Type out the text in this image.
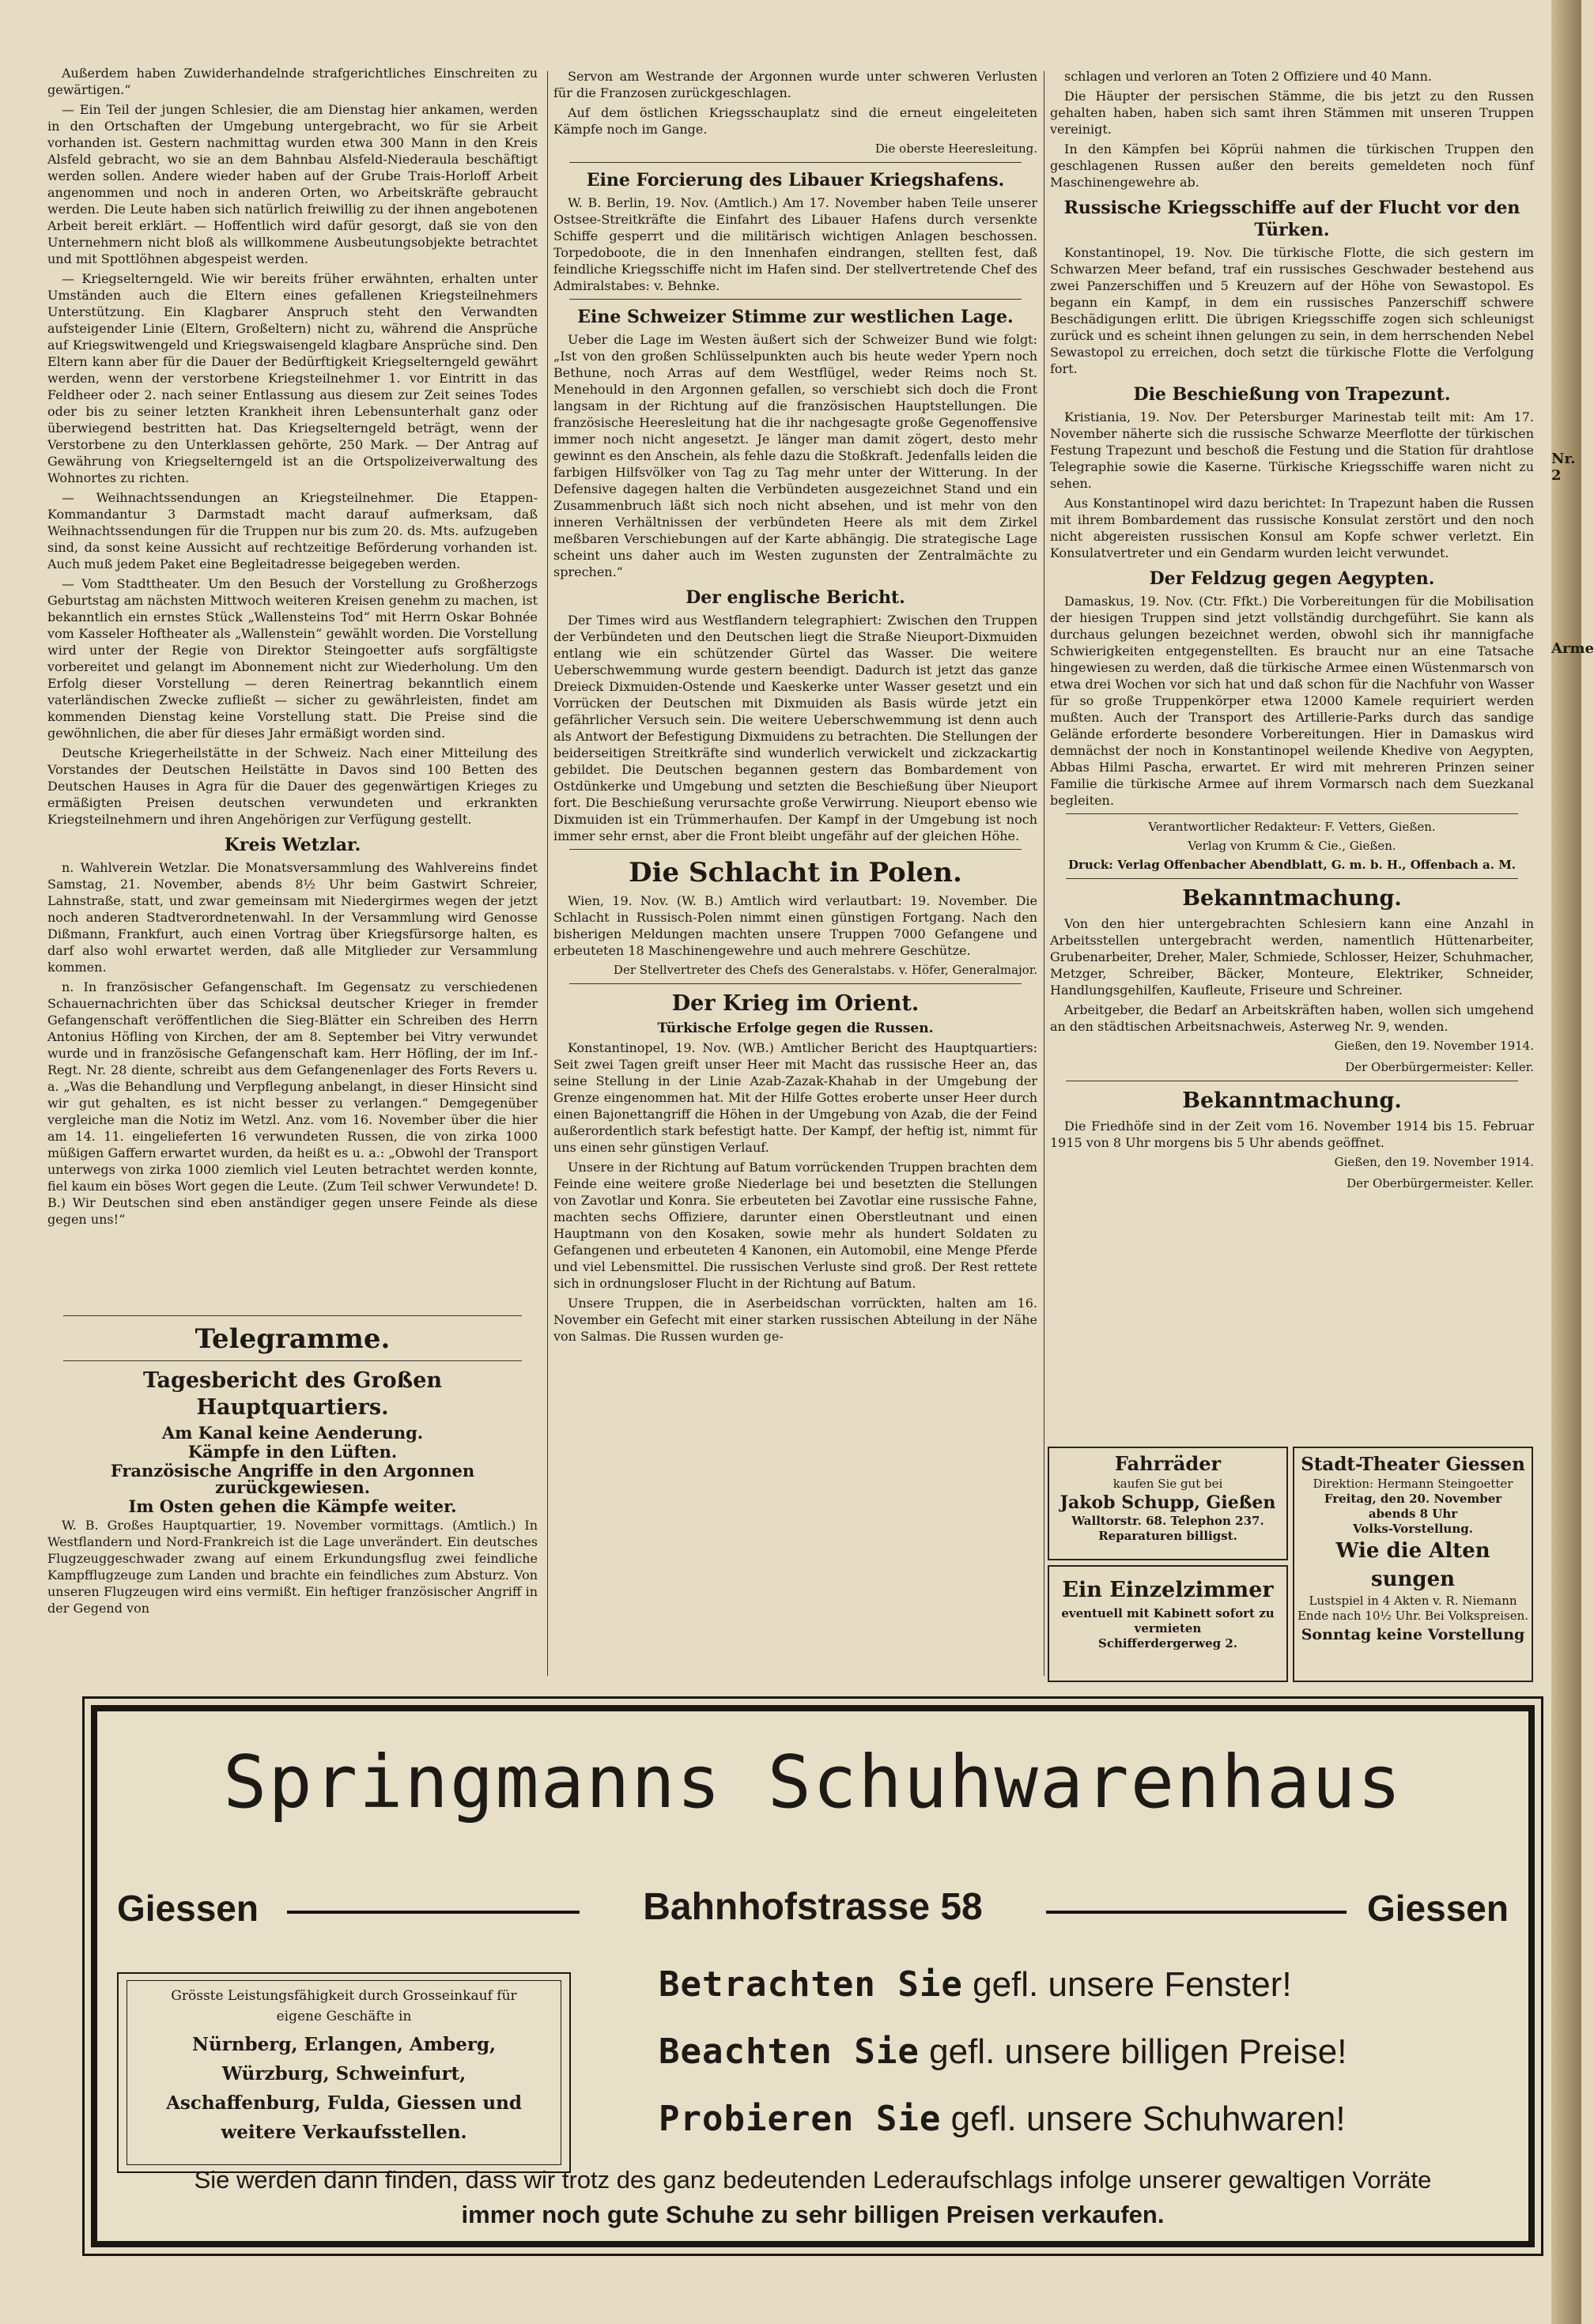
Außerdem haben Zuwiderhandelnde strafgerichtliches Einschreiten zu gewärtigen.“

— Ein Teil der jungen Schlesier, die am Dienstag hier ankamen, werden in den Ortschaften der Umgebung untergebracht, wo für sie Arbeit vorhanden ist. Gestern nachmittag wurden etwa 300 Mann in den Kreis Alsfeld gebracht, wo sie an dem Bahnbau Alsfeld-Niederaula beschäftigt werden sollen. Andere wieder haben auf der Grube Trais-Horloff Arbeit angenommen und noch in anderen Orten, wo Arbeitskräfte gebraucht werden. Die Leute haben sich natürlich freiwillig zu der ihnen angebotenen Arbeit bereit erklärt. — Hoffentlich wird dafür gesorgt, daß sie von den Unternehmern nicht bloß als willkommene Ausbeutungsobjekte betrachtet und mit Spottlöhnen abgespeist werden.

— Kriegselterngeld. Wie wir bereits früher erwähnten, erhalten unter Umständen auch die Eltern eines gefallenen Kriegsteilnehmers Unterstützung. Ein Klagbarer Anspruch steht den Verwandten aufsteigender Linie (Eltern, Großeltern) nicht zu, während die Ansprüche auf Kriegswitwengeld und Kriegswaisengeld klagbare Ansprüche sind. Den Eltern kann aber für die Dauer der Bedürftigkeit Kriegselterngeld gewährt werden, wenn der verstorbene Kriegsteilnehmer 1. vor Eintritt in das Feldheer oder 2. nach seiner Entlassung aus diesem zur Zeit seines Todes oder bis zu seiner letzten Krankheit ihren Lebensunterhalt ganz oder überwiegend bestritten hat. Das Kriegselterngeld beträgt, wenn der Verstorbene zu den Unterklassen gehörte, 250 Mark. — Der Antrag auf Gewährung von Kriegselterngeld ist an die Ortspolizeiverwaltung des Wohnortes zu richten.

— Weihnachtssendungen an Kriegsteilnehmer. Die Etappen-Kommandantur 3 Darmstadt macht darauf aufmerksam, daß Weihnachtssendungen für die Truppen nur bis zum 20. ds. Mts. aufzugeben sind, da sonst keine Aussicht auf rechtzeitige Beförderung vorhanden ist. Auch muß jedem Paket eine Begleitadresse beigegeben werden.

— Vom Stadttheater. Um den Besuch der Vorstellung zu Großherzogs Geburtstag am nächsten Mittwoch weiteren Kreisen genehm zu machen, ist bekanntlich ein ernstes Stück „Wallensteins Tod“ mit Herrn Oskar Bohnée vom Kasseler Hoftheater als „Wallenstein“ gewählt worden. Die Vorstellung wird unter der Regie von Direktor Steingoetter aufs sorgfältigste vorbereitet und gelangt im Abonnement nicht zur Wiederholung. Um den Erfolg dieser Vorstellung — deren Reinertrag bekanntlich einem vaterländischen Zwecke zufließt — sicher zu gewährleisten, findet am kommenden Dienstag keine Vorstellung statt. Die Preise sind die gewöhnlichen, die aber für dieses Jahr ermäßigt worden sind.

Deutsche Kriegerheilstätte in der Schweiz. Nach einer Mitteilung des Vorstandes der Deutschen Heilstätte in Davos sind 100 Betten des Deutschen Hauses in Agra für die Dauer des gegenwärtigen Krieges zu ermäßigten Preisen deutschen verwundeten und erkrankten Kriegsteilnehmern und ihren Angehörigen zur Verfügung gestellt.

Kreis Wetzlar.

n. Wahlverein Wetzlar. Die Monatsversammlung des Wahlvereins findet Samstag, 21. November, abends 8½ Uhr beim Gastwirt Schreier, Lahnstraße, statt, und zwar gemeinsam mit Niedergirmes wegen der jetzt noch anderen Stadtverordnetenwahl. In der Versammlung wird Genosse Dißmann, Frankfurt, auch einen Vortrag über Kriegsfürsorge halten, es darf also wohl erwartet werden, daß alle Mitglieder zur Versammlung kommen.

n. In französischer Gefangenschaft. Im Gegensatz zu verschiedenen Schauernachrichten über das Schicksal deutscher Krieger in fremder Gefangenschaft veröffentlichen die Sieg-Blätter ein Schreiben des Herrn Antonius Höfling von Kirchen, der am 8. September bei Vitry verwundet wurde und in französische Gefangenschaft kam. Herr Höfling, der im Inf.-Regt. Nr. 28 diente, schreibt aus dem Gefangenenlager des Forts Revers u. a. „Was die Behandlung und Verpflegung anbelangt, in dieser Hinsicht sind wir gut gehalten, es ist nicht besser zu verlangen.“ Demgegenüber vergleiche man die Notiz im Wetzl. Anz. vom 16. November über die hier am 14. 11. eingelieferten 16 verwundeten Russen, die von zirka 1000 müßigen Gaffern erwartet wurden, da heißt es u. a.: „Obwohl der Transport unterwegs von zirka 1000 ziemlich viel Leuten betrachtet werden konnte, fiel kaum ein böses Wort gegen die Leute. (Zum Teil schwer Verwundete! D. B.) Wir Deutschen sind eben anständiger gegen unsere Feinde als diese gegen uns!“

Telegramme.
Tagesbericht des Großen Hauptquartiers.
Am Kanal keine Aenderung.
Kämpfe in den Lüften.
Französische Angriffe in den Argonnen zurückgewiesen.
Im Osten gehen die Kämpfe weiter.

W. B. Großes Hauptquartier, 19. November vormittags. (Amtlich.) In Westflandern und Nord-Frankreich ist die Lage unverändert. Ein deutsches Flugzeuggeschwader zwang auf einem Erkundungsflug zwei feindliche Kampfflugzeuge zum Landen und brachte ein feindliches zum Absturz. Von unseren Flugzeugen wird eins vermißt. Ein heftiger französischer Angriff in der Gegend von

Servon am Westrande der Argonnen wurde unter schweren Verlusten für die Franzosen zurückgeschlagen.

Auf dem östlichen Kriegsschauplatz sind die erneut eingeleiteten Kämpfe noch im Gange.

Die oberste Heeresleitung.

Eine Forcierung des Libauer Kriegshafens.

W. B. Berlin, 19. Nov. (Amtlich.) Am 17. November haben Teile unserer Ostsee-Streitkräfte die Einfahrt des Libauer Hafens durch versenkte Schiffe gesperrt und die militärisch wichtigen Anlagen beschossen. Torpedoboote, die in den Innenhafen eindrangen, stellten fest, daß feindliche Kriegsschiffe nicht im Hafen sind. Der stellvertretende Chef des Admiralstabes: v. Behnke.

Eine Schweizer Stimme zur westlichen Lage.

Ueber die Lage im Westen äußert sich der Schweizer Bund wie folgt: „Ist von den großen Schlüsselpunkten auch bis heute weder Ypern noch Bethune, noch Arras auf dem Westflügel, weder Reims noch St. Menehould in den Argonnen gefallen, so verschiebt sich doch die Front langsam in der Richtung auf die französischen Hauptstellungen. Die französische Heeresleitung hat die ihr nachgesagte große Gegenoffensive immer noch nicht angesetzt. Je länger man damit zögert, desto mehr gewinnt es den Anschein, als fehle dazu die Stoßkraft. Jedenfalls leiden die farbigen Hilfsvölker von Tag zu Tag mehr unter der Witterung. In der Defensive dagegen halten die Verbündeten ausgezeichnet Stand und ein Zusammenbruch läßt sich noch nicht absehen, und ist mehr von den inneren Verhältnissen der verbündeten Heere als mit dem Zirkel meßbaren Verschiebungen auf der Karte abhängig. Die strategische Lage scheint uns daher auch im Westen zugunsten der Zentralmächte zu sprechen.“

Der englische Bericht.

Der Times wird aus Westflandern telegraphiert: Zwischen den Truppen der Verbündeten und den Deutschen liegt die Straße Nieuport-Dixmuiden entlang wie ein schützender Gürtel das Wasser. Die weitere Ueberschwemmung wurde gestern beendigt. Dadurch ist jetzt das ganze Dreieck Dixmuiden-Ostende und Kaeskerke unter Wasser gesetzt und ein Vorrücken der Deutschen mit Dixmuiden als Basis würde jetzt ein gefährlicher Versuch sein. Die weitere Ueberschwemmung ist denn auch als Antwort der Befestigung Dixmuidens zu betrachten. Die Stellungen der beiderseitigen Streitkräfte sind wunderlich verwickelt und zickzackartig gebildet. Die Deutschen begannen gestern das Bombardement von Ostdünkerke und Umgebung und setzten die Beschießung über Nieuport fort. Die Beschießung verursachte große Verwirrung. Nieuport ebenso wie Dixmuiden ist ein Trümmerhaufen. Der Kampf in der Umgebung ist noch immer sehr ernst, aber die Front bleibt ungefähr auf der gleichen Höhe.

Die Schlacht in Polen.

Wien, 19. Nov. (W. B.) Amtlich wird verlautbart: 19. November. Die Schlacht in Russisch-Polen nimmt einen günstigen Fortgang. Nach den bisherigen Meldungen machten unsere Truppen 7000 Gefangene und erbeuteten 18 Maschinengewehre und auch mehrere Geschütze.

Der Stellvertreter des Chefs des Generalstabs. v. Höfer, Generalmajor.

Der Krieg im Orient.
Türkische Erfolge gegen die Russen.

Konstantinopel, 19. Nov. (WB.) Amtlicher Bericht des Hauptquartiers: Seit zwei Tagen greift unser Heer mit Macht das russische Heer an, das seine Stellung in der Linie Azab-Zazak-Khahab in der Umgebung der Grenze eingenommen hat. Mit der Hilfe Gottes eroberte unser Heer durch einen Bajonettangriff die Höhen in der Umgebung von Azab, die der Feind außerordentlich stark befestigt hatte. Der Kampf, der heftig ist, nimmt für uns einen sehr günstigen Verlauf.

Unsere in der Richtung auf Batum vorrückenden Truppen brachten dem Feinde eine weitere große Niederlage bei und besetzten die Stellungen von Zavotlar und Konra. Sie erbeuteten bei Zavotlar eine russische Fahne, machten sechs Offiziere, darunter einen Oberstleutnant und einen Hauptmann von den Kosaken, sowie mehr als hundert Soldaten zu Gefangenen und erbeuteten 4 Kanonen, ein Automobil, eine Menge Pferde und viel Lebensmittel. Die russischen Verluste sind groß. Der Rest rettete sich in ordnungsloser Flucht in der Richtung auf Batum.

Unsere Truppen, die in Aserbeidschan vorrückten, halten am 16. November ein Gefecht mit einer starken russischen Abteilung in der Nähe von Salmas. Die Russen wurden ge-

schlagen und verloren an Toten 2 Offiziere und 40 Mann.

Die Häupter der persischen Stämme, die bis jetzt zu den Russen gehalten haben, haben sich samt ihren Stämmen mit unseren Truppen vereinigt.

In den Kämpfen bei Köprüi nahmen die türkischen Truppen den geschlagenen Russen außer den bereits gemeldeten noch fünf Maschinengewehre ab.

Russische Kriegsschiffe auf der Flucht vor den Türken.

Konstantinopel, 19. Nov. Die türkische Flotte, die sich gestern im Schwarzen Meer befand, traf ein russisches Geschwader bestehend aus zwei Panzerschiffen und 5 Kreuzern auf der Höhe von Sewastopol. Es begann ein Kampf, in dem ein russisches Panzerschiff schwere Beschädigungen erlitt. Die übrigen Kriegsschiffe zogen sich schleunigst zurück und es scheint ihnen gelungen zu sein, in dem herrschenden Nebel Sewastopol zu erreichen, doch setzt die türkische Flotte die Verfolgung fort.

Die Beschießung von Trapezunt.

Kristiania, 19. Nov. Der Petersburger Marinestab teilt mit: Am 17. November näherte sich die russische Schwarze Meerflotte der türkischen Festung Trapezunt und beschoß die Festung und die Station für drahtlose Telegraphie sowie die Kaserne. Türkische Kriegsschiffe waren nicht zu sehen.

Aus Konstantinopel wird dazu berichtet: In Trapezunt haben die Russen mit ihrem Bombardement das russische Konsulat zerstört und den noch nicht abgereisten russischen Konsul am Kopfe schwer verletzt. Ein Konsulatvertreter und ein Gendarm wurden leicht verwundet.

Der Feldzug gegen Aegypten.

Damaskus, 19. Nov. (Ctr. Ffkt.) Die Vorbereitungen für die Mobilisation der hiesigen Truppen sind jetzt vollständig durchgeführt. Sie kann als durchaus gelungen bezeichnet werden, obwohl sich ihr mannigfache Schwierigkeiten entgegenstellten. Es braucht nur an eine Tatsache hingewiesen zu werden, daß die türkische Armee einen Wüstenmarsch von etwa drei Wochen vor sich hat und daß schon für die Nachfuhr von Wasser für so große Truppenkörper etwa 12000 Kamele requiriert werden mußten. Auch der Transport des Artillerie-Parks durch das sandige Gelände erforderte besondere Vorbereitungen. Hier in Damaskus wird demnächst der noch in Konstantinopel weilende Khedive von Aegypten, Abbas Hilmi Pascha, erwartet. Er wird mit mehreren Prinzen seiner Familie die türkische Armee auf ihrem Vormarsch nach dem Suezkanal begleiten.

Verantwortlicher Redakteur: F. Vetters, Gießen.
Verlag von Krumm & Cie., Gießen.
Druck: Verlag Offenbacher Abendblatt, G. m. b. H., Offenbach a. M.
Bekanntmachung.

Von den hier untergebrachten Schlesiern kann eine Anzahl in Arbeitsstellen untergebracht werden, namentlich Hüttenarbeiter, Grubenarbeiter, Dreher, Maler, Schmiede, Schlosser, Heizer, Schuhmacher, Metzger, Schreiber, Bäcker, Monteure, Elektriker, Schneider, Handlungsgehilfen, Kaufleute, Friseure und Schreiner.

Arbeitgeber, die Bedarf an Arbeitskräften haben, wollen sich umgehend an den städtischen Arbeitsnachweis, Asterweg Nr. 9, wenden.

Gießen, den 19. November 1914.

Der Oberbürgermeister: Keller.

Bekanntmachung.

Die Friedhöfe sind in der Zeit vom 16. November 1914 bis 15. Februar 1915 von 8 Uhr morgens bis 5 Uhr abends geöffnet.

Gießen, den 19. November 1914.

Der Oberbürgermeister. Keller.

Fahrräder
kaufen Sie gut bei
Jakob Schupp, Gießen
Walltorstr. 68. Telephon 237.
Reparaturen billigst.
Stadt-Theater Giessen
Direktion: Hermann Steingoetter
Freitag, den 20. November
abends 8 Uhr
Volks-Vorstellung.
Wie die Alten sungen
Lustspiel in 4 Akten v. R. Niemann
Ende nach 10½ Uhr. Bei Volkspreisen.
Sonntag keine Vorstellung
Ein Einzelzimmer
eventuell mit Kabinett sofort zu vermieten
Schifferdergerweg 2.
Nr. 2
Arme
Springmanns Schuhwarenhaus
Giessen	Bahnhofstrasse 58	Giessen
Grösste Leistungsfähigkeit durch Grosseinkauf für
eigene Geschäfte in
Nürnberg, Erlangen, Amberg, Würzburg, Schweinfurt, Aschaffenburg, Fulda, Giessen und weitere Verkaufsstellen.
Betrachten Sie gefl. unsere Fenster!
Beachten Sie gefl. unsere billigen Preise!
Probieren Sie gefl. unsere Schuhwaren!
Sie werden dann finden, dass wir trotz des ganz bedeutenden Lederaufschlags infolge unserer gewaltigen Vorräte
immer noch gute Schuhe zu sehr billigen Preisen verkaufen.
